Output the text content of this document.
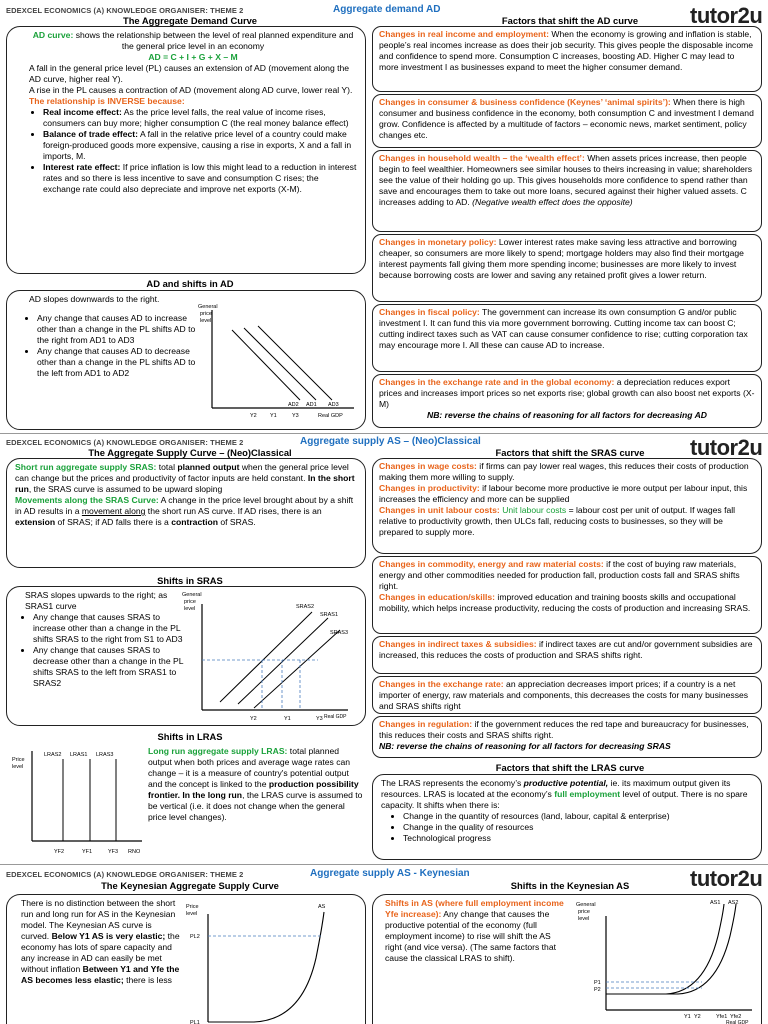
EDEXCEL ECONOMICS (A) KNOWLEDGE ORGANISER: THEME 2	Aggregate demand AD	tutor2u
The Aggregate Demand Curve	Factors that shift the AD curve
AD curve: shows the relationship between the level of real planned expenditure and the general price level in an economy
AD = C + I + G + X – M
A fall in the general price level (PL) causes an extension of AD (movement along the AD curve, higher real Y).
A rise in the PL causes a contraction of AD (movement along AD curve, lower real Y).
The relationship is INVERSE because:
• Real income effect: As the price level falls, the real value of income rises, consumers can buy more; higher consumption C (the real money balance effect)
• Balance of trade effect: A fall in the relative price level of a country could make foreign-produced goods more expensive, causing a rise in exports, X and a fall in imports, M.
• Interest rate effect: If price inflation is low this might lead to a reduction in interest rates and so there is less incentive to save and consumption C rises; the exchange rate could also depreciate and improve net exports (X-M).
AD and shifts in AD
AD slopes downwards to the right.
• Any change that causes AD to increase other than a change in the PL shifts AD to the right from AD1 to AD3
• Any change that causes AD to decrease other than a change in the PL shifts AD to the left from AD1 to AD2
General
price
level
AD2 AD1 AD3
Y2 Y1	Y3	Real GDP
Changes in real income and employment: When the economy is growing and inflation is stable, people’s real incomes increase as does their job security. This gives people the disposable income and confidence to spend more. Consumption C increases, boosting AD. Higher C may lead to more investment I as businesses expand to meet the higher consumer demand.
Changes in consumer & business confidence (Keynes’ ‘animal spirits’): When there is high consumer and business confidence in the economy, both consumption C and investment I demand grow. Confidence is affected by a multitude of factors – economic news, market sentiment, policy changes etc.
Changes in household wealth – the ‘wealth effect’: When assets prices increase, then people begin to feel wealthier. Homeowners see similar houses to theirs increasing in value; shareholders see the value of their holding go up. This gives households more confidence to spend rather than save and encourages them to take out more loans, secured against their higher valued assets. C increases adding to AD. (Negative wealth effect does the opposite)
Changes in monetary policy: Lower interest rates make saving less attractive and borrowing cheaper, so consumers are more likely to spend; mortgage holders may also find their mortgage interest payments fall giving them more spending income; businesses are more likely to invest because borrowing costs are lower and saving any retained profit gives a lower return.
Changes in fiscal policy: The government can increase its own consumption G and/or public investment I. It can fund this via more government borrowing. Cutting income tax can boost C; cutting indirect taxes such as VAT can cause consumer confidence to rise; cutting corporation tax may encourage more I. All these can cause AD to increase.
Changes in the exchange rate and in the global economy: a depreciation reduces export prices and increases import prices so net exports rise; global growth can also boost net exports (X-M)
NB: reverse the chains of reasoning for all factors for decreasing AD
EDEXCEL ECONOMICS (A) KNOWLEDGE ORGANISER: THEME 2	Aggregate supply AS – (Neo)Classical	tutor2u
The Aggregate Supply Curve – (Neo)Classical	Factors that shift the SRAS curve
Short run aggregate supply SRAS: total planned output when the general price level can change but the prices and productivity of factor inputs are held constant. In the short run, the SRAS curve is assumed to be upward sloping
Movements along the SRAS Curve: A change in the price level brought about by a shift in AD results in a movement along the short run AS curve. If AD rises, there is an extension of SRAS; if AD falls there is a contraction of SRAS.
Shifts in SRAS
SRAS slopes upwards to the right; as SRAS1 curve
• Any change that causes SRAS to increase other than a change in the PL shifts SRAS to the right from S1 to AD3
• Any change that causes SRAS to decrease other than a change in the PL shifts SRAS to the left from SRAS1 to SRAS2
General
price
level	SRAS2
SRAS1
SRAS3
Y2	Y1	Y3 Real GDP
Shifts in LRAS
Price
level
LRAS2 LRAS1 LRAS3
YF2	YF1	YF3 RNO
Long run aggregate supply LRAS: total planned output when both prices and average wage rates can change – it is a measure of country's potential output and the concept is linked to the production possibility frontier. In the long run, the LRAS curve is assumed to be vertical (i.e. it does not change when the general price level changes).
Changes in wage costs: if firms can pay lower real wages, this reduces their costs of production making them more willing to supply.
Changes in productivity: if labour become more productive ie more output per labour input, this increases the efficiency and more can be supplied
Changes in unit labour costs: Unit labour costs = labour cost per unit of output. If wages fall relative to productivity growth, then ULCs fall, reducing costs to businesses, so they will be prepared to supply more.
Changes in commodity, energy and raw material costs: if the cost of buying raw materials, energy and other commodities needed for production fall, production costs fall and SRAS shifts right.
Changes in education/skills: improved education and training boosts skills and occupational mobility, which helps increase productivity, reducing the costs of production and increasing SRAS.
Changes in indirect taxes & subsidies: if indirect taxes are cut and/or government subsidies are increased, this reduces the costs of production and SRAS shifts right.
Changes in the exchange rate: an appreciation decreases import prices; if a country is a net importer of energy, raw materials and components, this decreases the costs for many businesses and SRAS shifts right
Changes in regulation: if the government reduces the red tape and bureaucracy for businesses, this reduces their costs and SRAS shifts right.
NB: reverse the chains of reasoning for all factors for decreasing SRAS
Factors that shift the LRAS curve
The LRAS represents the economy’s productive potential, ie. its maximum output given its resources. LRAS is located at the economy’s full employment level of output. There is no spare capacity. It shifts when there is:
• Change in the quantity of resources (land, labour, capital & enterprise)
• Change in the quality of resources
• Technological progress
EDEXCEL ECONOMICS (A) KNOWLEDGE ORGANISER: THEME 2	Aggregate supply AS - Keynesian	tutor2u
The Keynesian Aggregate Supply Curve	Shifts in the Keynesian AS
There is no distinction between the short run and long run for AS in the Keynesian model. The Keynesian AS curve is curved. Below Y1 AS is very elastic; the economy has lots of spare capacity and any increase in AD can easily be met without inflation Between Y1 and Yfe the AS becomes less elastic; there is less
Price
level
AS
PL2
PL1
Shifts in AS (where full employment income Yfe increase): Any change that causes the productive potential of the economy (full employment income) to rise will shift the AS right (and vice versa). (The same factors that cause the classical LRAS to shift).
General
price
level
AS1 AS2
P1
P2
Y1 Y2	Yfe1 Yfe2
Real GDP
